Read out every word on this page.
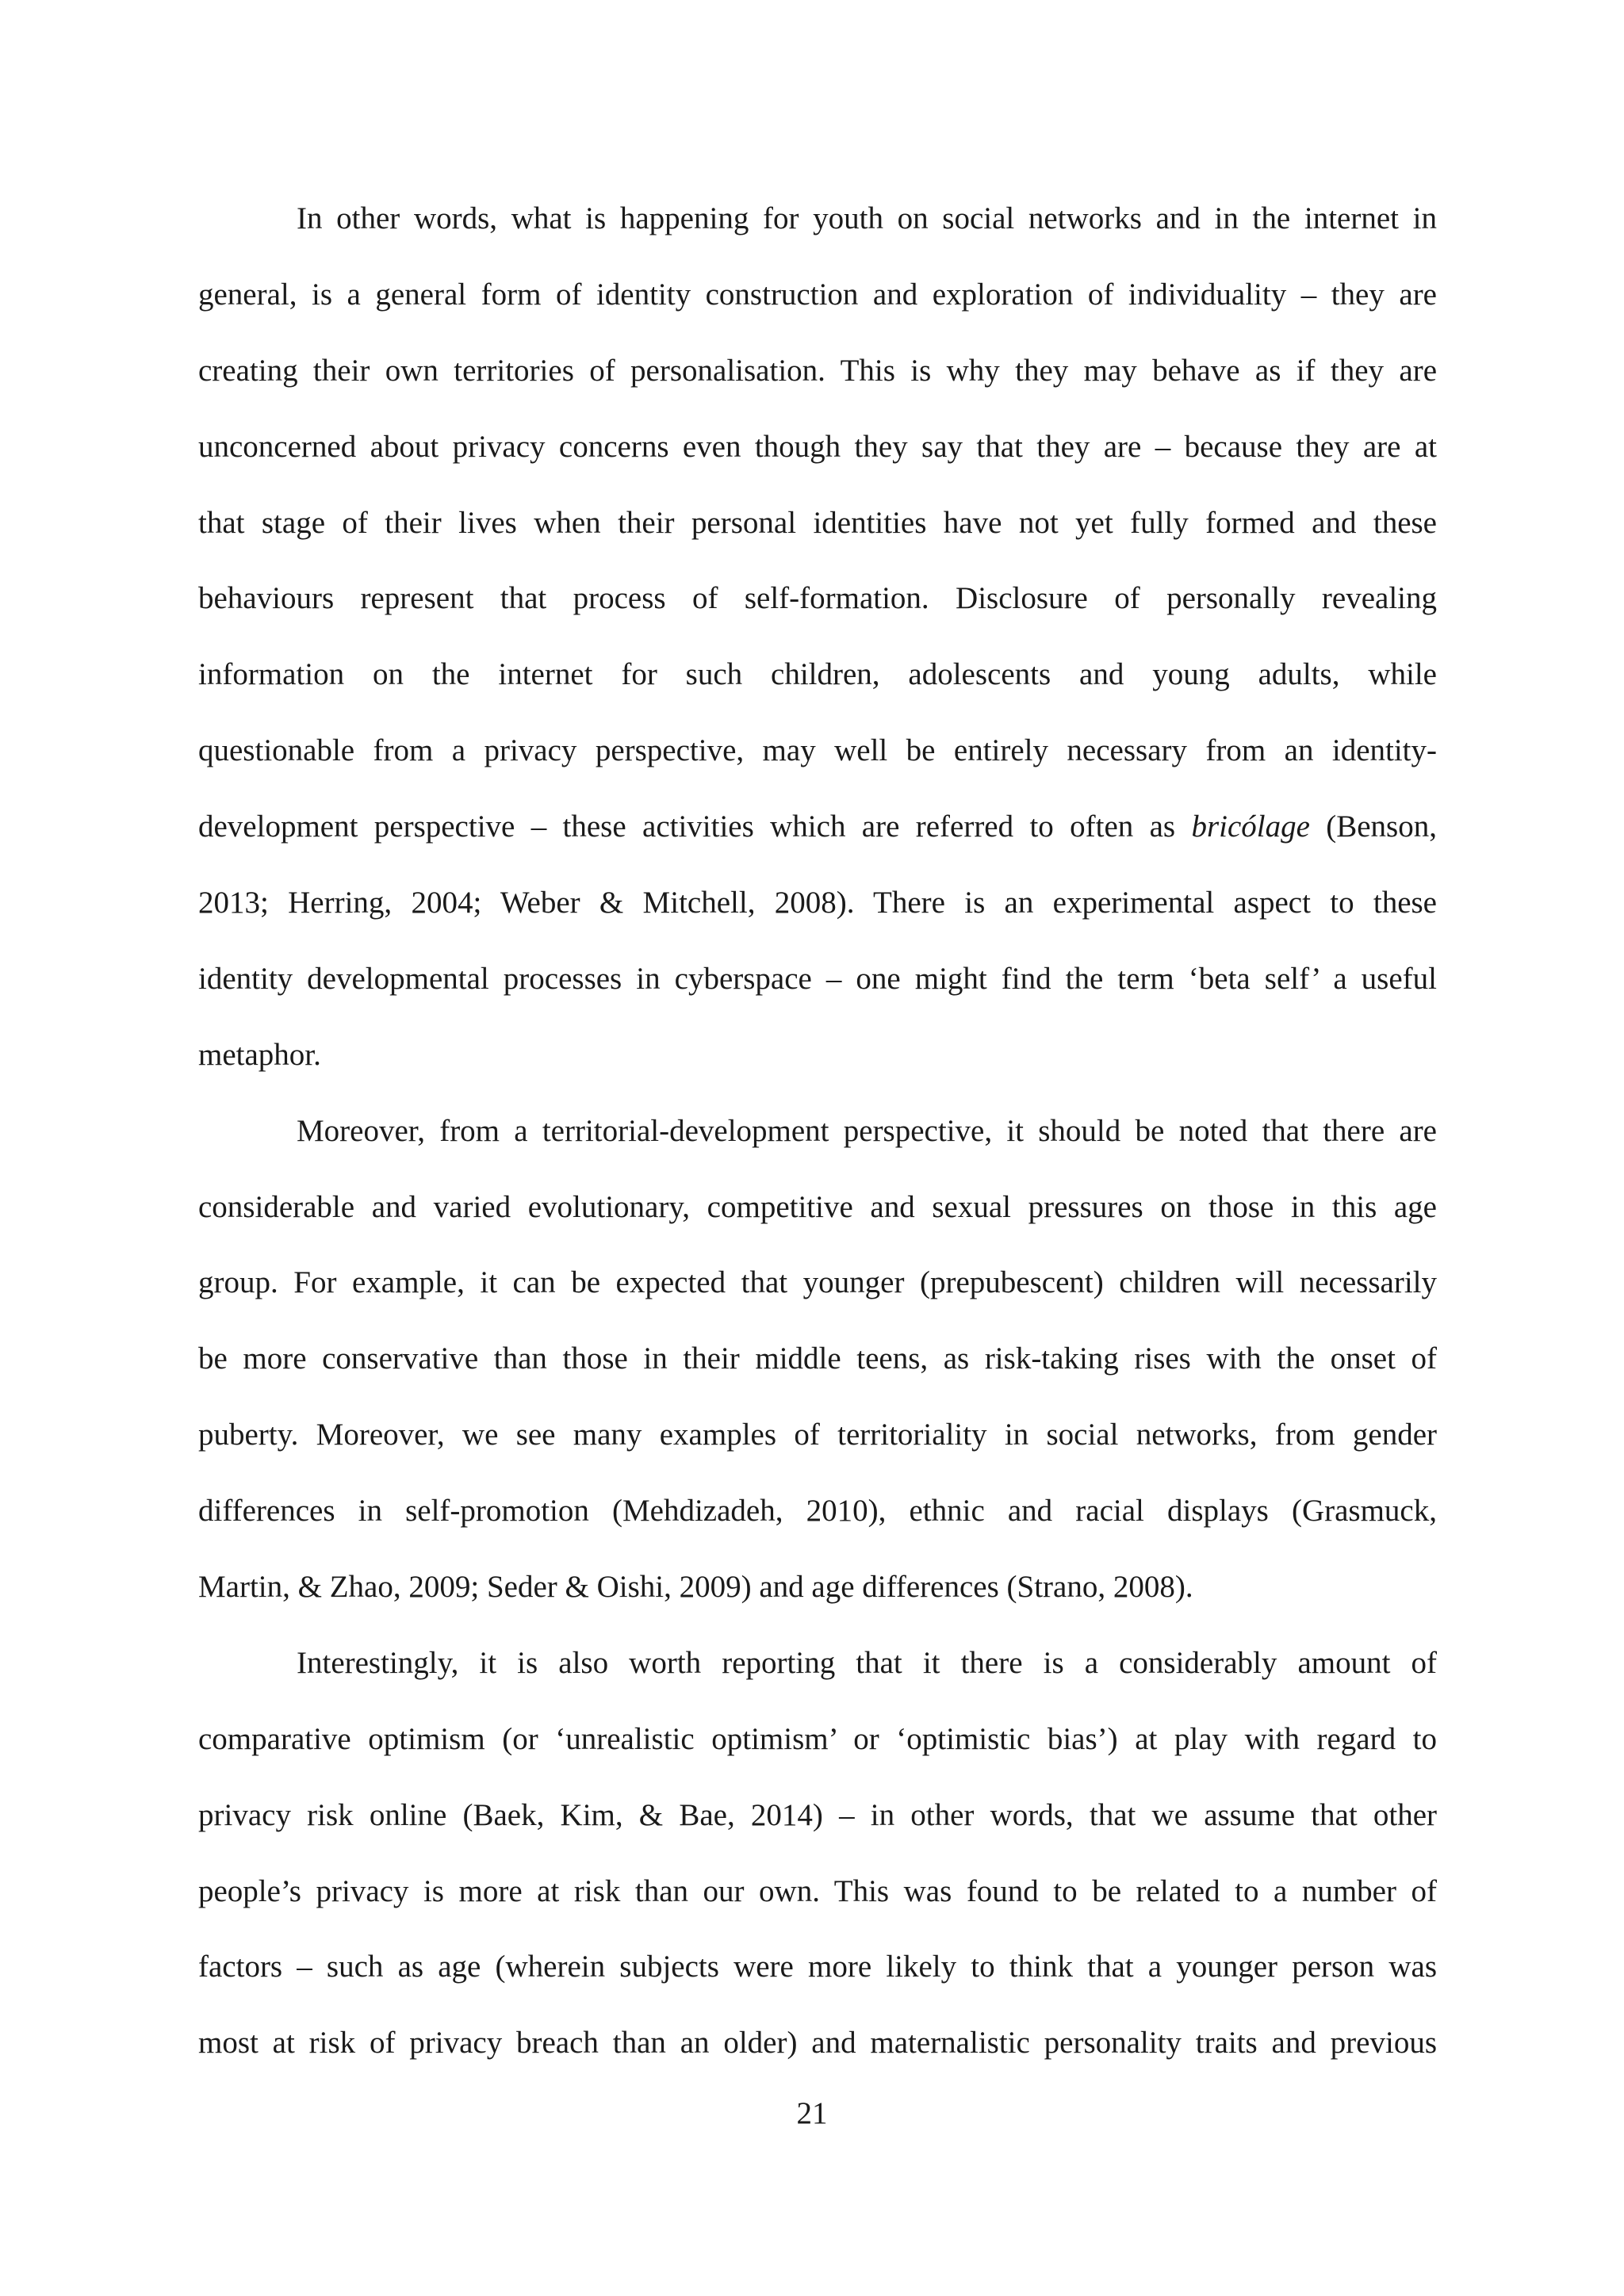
In other words, what is happening for youth on social networks and in the internet in
general, is a general form of identity construction and exploration of individuality – they are
creating their own territories of personalisation. This is why they may behave as if they are
unconcerned about privacy concerns even though they say that they are – because they are at
that stage of their lives when their personal identities have not yet fully formed and these
behaviours represent that process of self-formation. Disclosure of personally revealing
information on the internet for such children, adolescents and young adults, while
questionable from a privacy perspective, may well be entirely necessary from an identity-
development perspective – these activities which are referred to often as bricólage (Benson,
2013; Herring, 2004; Weber & Mitchell, 2008). There is an experimental aspect to these
identity developmental processes in cyberspace – one might find the term ‘beta self’ a useful
metaphor.
Moreover, from a territorial-development perspective, it should be noted that there are
considerable and varied evolutionary, competitive and sexual pressures on those in this age
group. For example, it can be expected that younger (prepubescent) children will necessarily
be more conservative than those in their middle teens, as risk-taking rises with the onset of
puberty. Moreover, we see many examples of territoriality in social networks, from gender
differences in self-promotion (Mehdizadeh, 2010), ethnic and racial displays (Grasmuck,
Martin, & Zhao, 2009; Seder & Oishi, 2009) and age differences (Strano, 2008).
Interestingly, it is also worth reporting that it there is a considerably amount of
comparative optimism (or ‘unrealistic optimism’ or ‘optimistic bias’) at play with regard to
privacy risk online (Baek, Kim, & Bae, 2014) – in other words, that we assume that other
people’s privacy is more at risk than our own. This was found to be related to a number of
factors – such as age (wherein subjects were more likely to think that a younger person was
most at risk of privacy breach than an older) and maternalistic personality traits and previous
21
